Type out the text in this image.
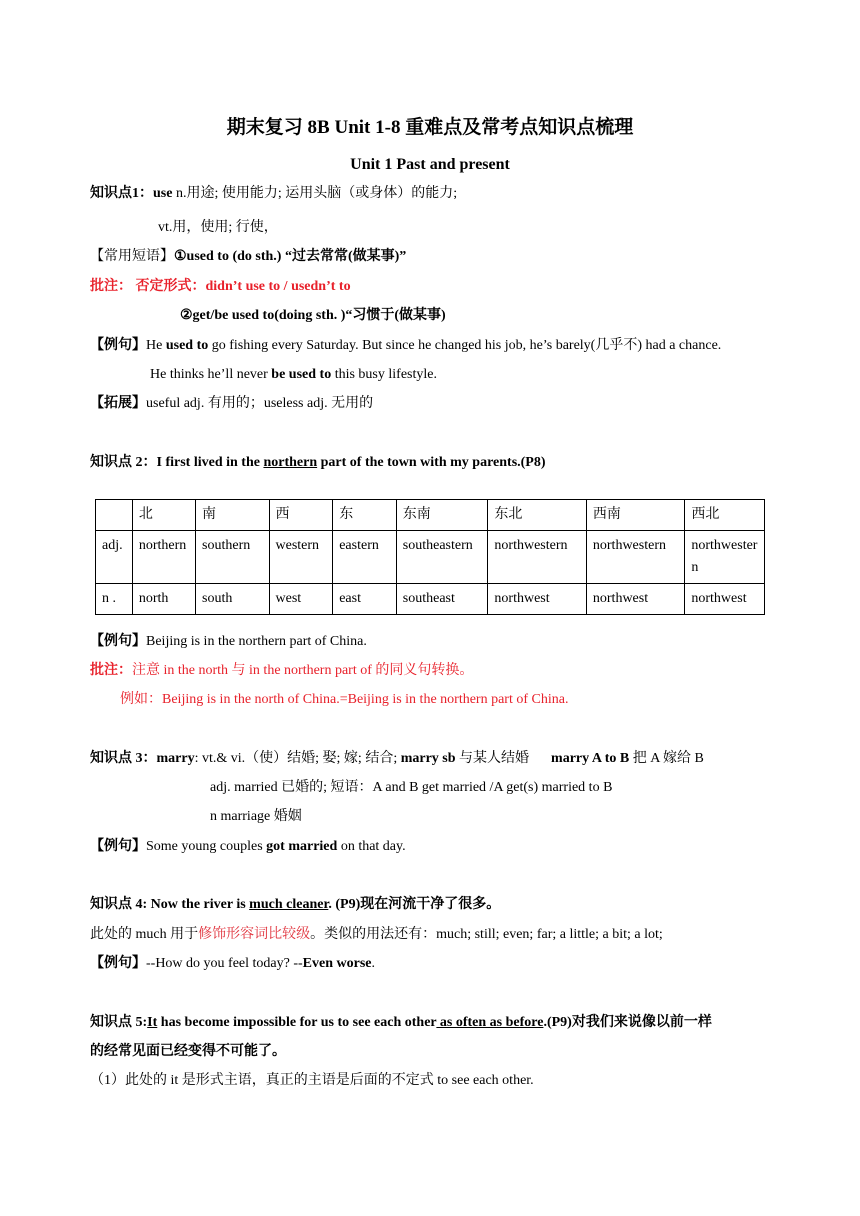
期末复习 8B Unit 1-8 重难点及常考点知识点梳理
Unit 1 Past and present
知识点1：use n.用途; 使用能力; 运用头脑（或身体）的能力;
vt.用，使用; 行使，
【常用短语】①used to (do sth.) “过去常常(做某事)”
批注： 否定形式：didn’t use to / usedn’t to
②get/be used to(doing sth. )“习惯于(做某事)
【例句】He used to go fishing every Saturday. But since he changed his job, he’s barely(几乎不) had a chance.
He thinks he’ll never be used to this busy lifestyle.
【拓展】useful adj. 有用的；useless adj. 无用的
知识点 2：I first lived in the northern part of the town with my parents.(P8)
	北	南	西	东	东南	东北	西南	西北
adj.	northern	southern	western	eastern	southeastern	northwestern	northwestern	northwestern
n .	north	south	west	east	southeast	northwest	northwest	northwest
【例句】Beijing is in the northern part of China.
批注：注意 in the north 与 in the northern part of 的同义句转换。
例如：Beijing is in the north of China.=Beijing is in the northern part of China.
知识点 3：marry: vt.& vi.（使）结婚; 娶; 嫁; 结合; marry sb 与某人结婚 marry A to B 把 A 嫁给 B
adj. married 已婚的; 短语：A and B get married /A get(s) married to B
n marriage 婚姻
【例句】Some young couples got married on that day.
知识点 4: Now the river is much cleaner. (P9)现在河流干净了很多。
此处的 much 用于修饰形容词比较级。类似的用法还有：much; still; even; far; a little; a bit; a lot;
【例句】--How do you feel today? --Even worse.
知识点 5:It has become impossible for us to see each other as often as before.(P9)对我们来说像以前一样
的经常见面已经变得不可能了。
（1）此处的 it 是形式主语，真正的主语是后面的不定式 to see each other.
